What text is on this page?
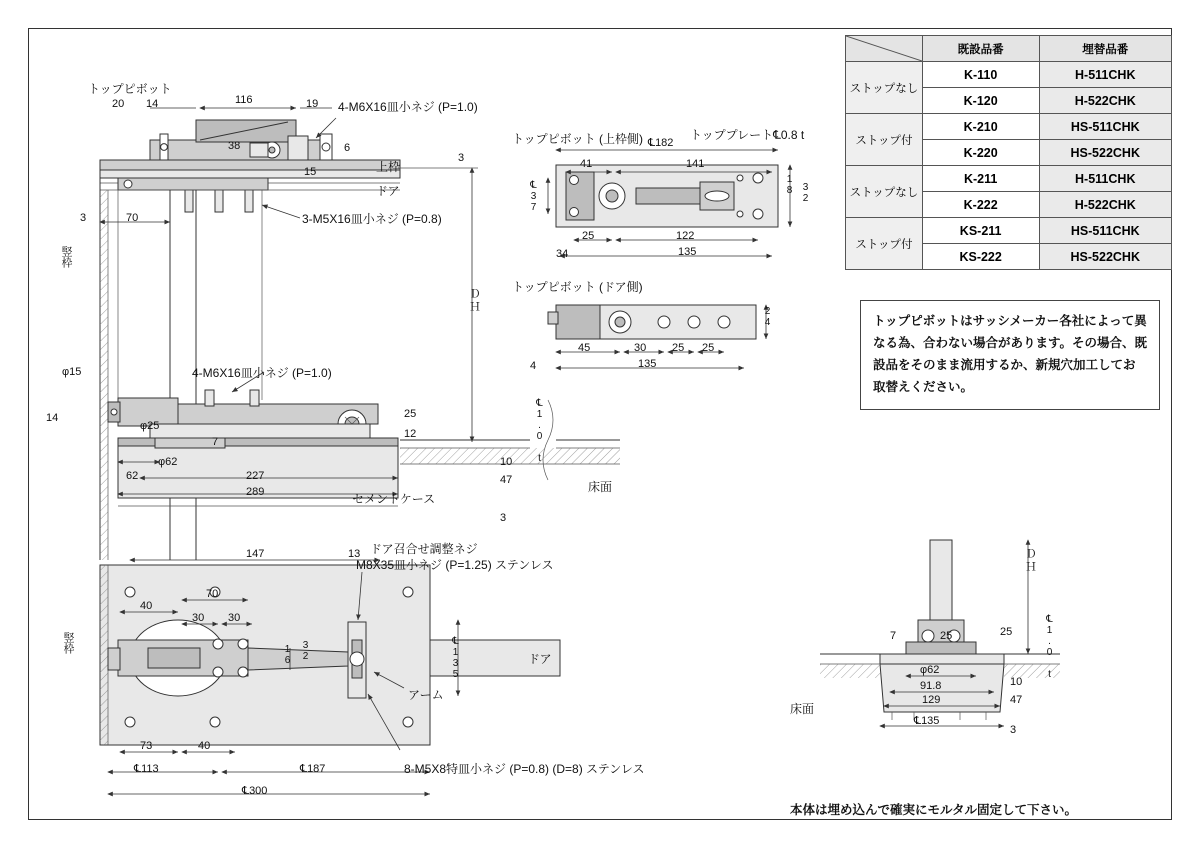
トップピボット
4-M6X16皿小ネジ (P=1.0)
上枠
ドア
3-M5X16皿小ネジ (P=0.8)
竪枠
ＤＨ
4-M6X16皿小ネジ (P=1.0)
セメントケース
床面
トップピボット (上枠側)	トッププレート℄0.8 t
トップピボット (ドア側)
ドア召合せ調整ネジ
M8X35皿小ネジ (P=1.25) ステンレス
アーム
8-M5X8特皿小ネジ (P=0.8) (D=8) ステンレス
竪枠
ドア
床面
ＤＨ
20 14	116	19
38	6
15
3
3	70
φ15
14
φ25
7
φ62
62	227
289
25
12
10
47
3
℄1.0 t
℄182
41	141
℄37	18 32
25	122
34	135
45	30 25 25
24
4	135
147	13
40
70
30 30
16 32	℄135
73	40
℄113	℄187
℄300
7	25	25
φ62
91.8
129
℄135
10
47
3
℄1.0 t
	既設品番	埋替品番
ストップなし	K-110	H-511CHK
	K-120	H-522CHK
ストップ付	K-210	HS-511CHK
	K-220	HS-522CHK
ストップなし	K-211	H-511CHK
	K-222	H-522CHK
ストップ付	KS-211	HS-511CHK
	KS-222	HS-522CHK
トップピボットはサッシメーカー各社によって異なる為、合わない場合があります。その場合、既設品をそのまま流用するか、新規穴加工してお取替えください。
本体は埋め込んで確実にモルタル固定して下さい。
